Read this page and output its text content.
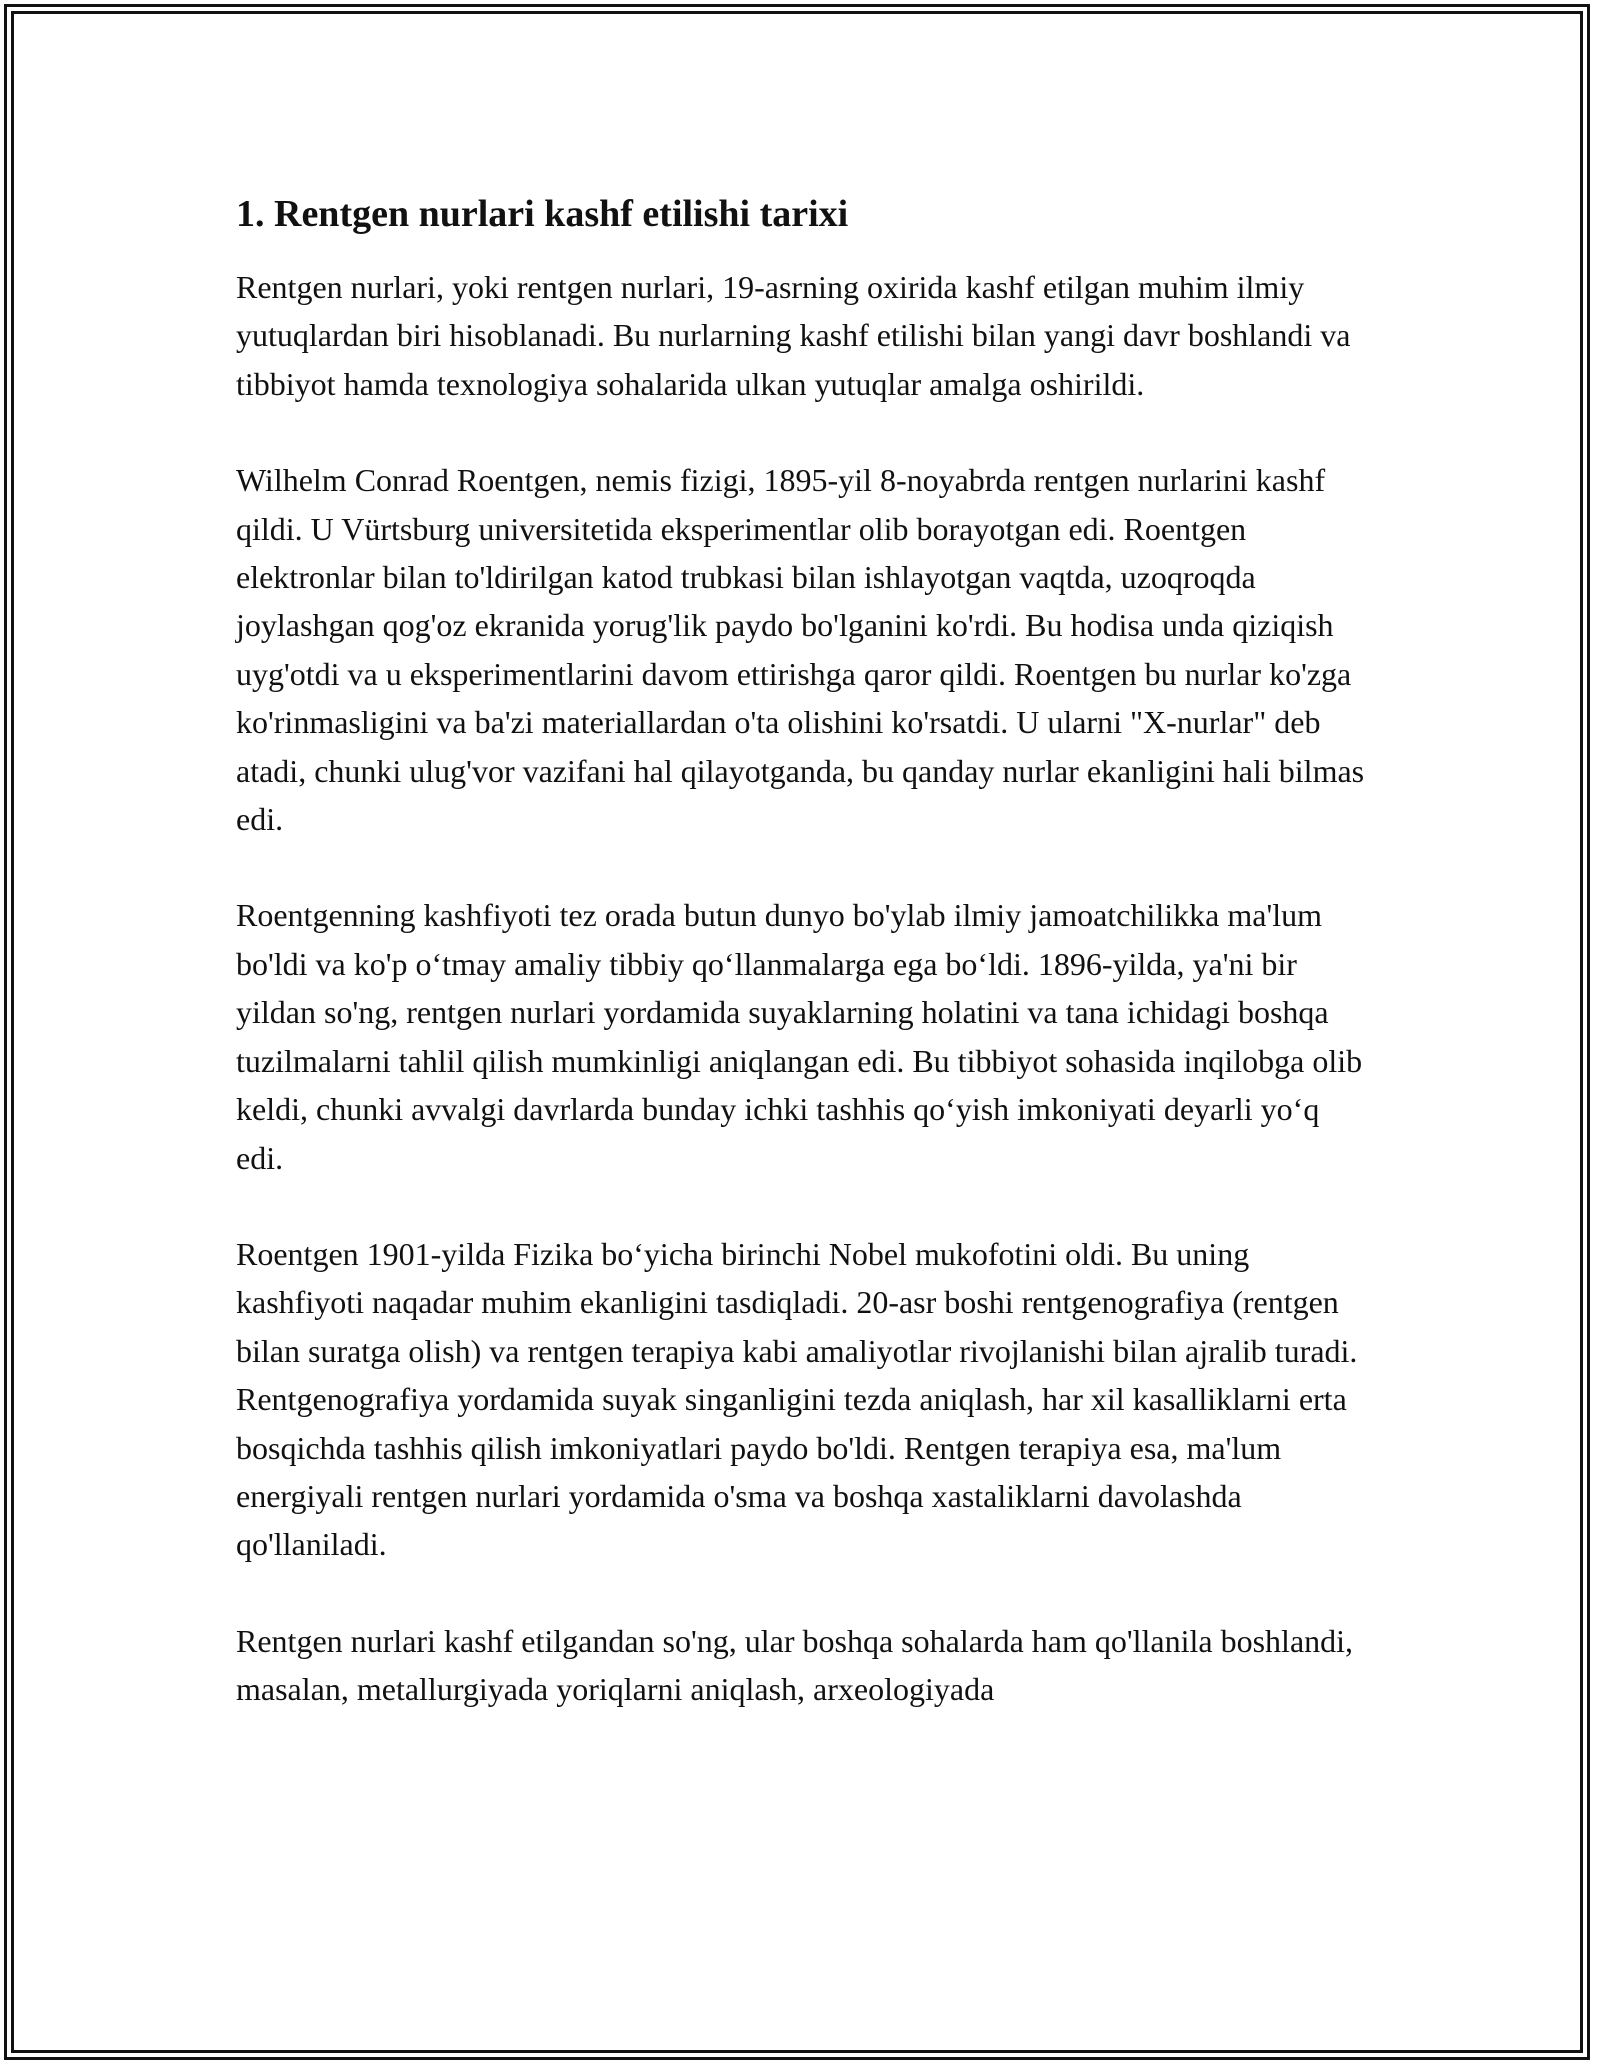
1. Rentgen nurlari kashf etilishi tarixi

Rentgen nurlari, yoki rentgen nurlari, 19-asrning oxirida kashf etilgan muhim ilmiy yutuqlardan biri hisoblanadi. Bu nurlarning kashf etilishi bilan yangi davr boshlandi va tibbiyot hamda texnologiya sohalarida ulkan yutuqlar amalga oshirildi.

Wilhelm Conrad Roentgen, nemis fizigi, 1895-yil 8-noyabrda rentgen nurlarini kashf qildi. U Vürtsburg universitetida eksperimentlar olib borayotgan edi. Roentgen elektronlar bilan to'ldirilgan katod trubkasi bilan ishlayotgan vaqtda, uzoqroqda joylashgan qog'oz ekranida yorug'lik paydo bo'lganini ko'rdi. Bu hodisa unda qiziqish uyg'otdi va u eksperimentlarini davom ettirishga qaror qildi. Roentgen bu nurlar ko'zga ko'rinmasligini va ba'zi materiallardan o'ta olishini ko'rsatdi. U ularni "X-nurlar" deb atadi, chunki ulug'vor vazifani hal qilayotganda, bu qanday nurlar ekanligini hali bilmas edi.

Roentgenning kashfiyoti tez orada butun dunyo bo'ylab ilmiy jamoatchilikka ma'lum bo'ldi va ko'p o‘tmay amaliy tibbiy qo‘llanmalarga ega bo‘ldi. 1896-yilda, ya'ni bir yildan so'ng, rentgen nurlari yordamida suyaklarning holatini va tana ichidagi boshqa tuzilmalarni tahlil qilish mumkinligi aniqlangan edi. Bu tibbiyot sohasida inqilobga olib keldi, chunki avvalgi davrlarda bunday ichki tashhis qo‘yish imkoniyati deyarli yo‘q edi.

Roentgen 1901-yilda Fizika bo‘yicha birinchi Nobel mukofotini oldi. Bu uning kashfiyoti naqadar muhim ekanligini tasdiqladi. 20-asr boshi rentgenografiya (rentgen bilan suratga olish) va rentgen terapiya kabi amaliyotlar rivojlanishi bilan ajralib turadi. Rentgenografiya yordamida suyak singanligini tezda aniqlash, har xil kasalliklarni erta bosqichda tashhis qilish imkoniyatlari paydo bo'ldi. Rentgen terapiya esa, ma'lum energiyali rentgen nurlari yordamida o'sma va boshqa xastaliklarni davolashda qo'llaniladi.

Rentgen nurlari kashf etilgandan so'ng, ular boshqa sohalarda ham qo'llanila boshlandi, masalan, metallurgiyada yoriqlarni aniqlash, arxeologiyada
